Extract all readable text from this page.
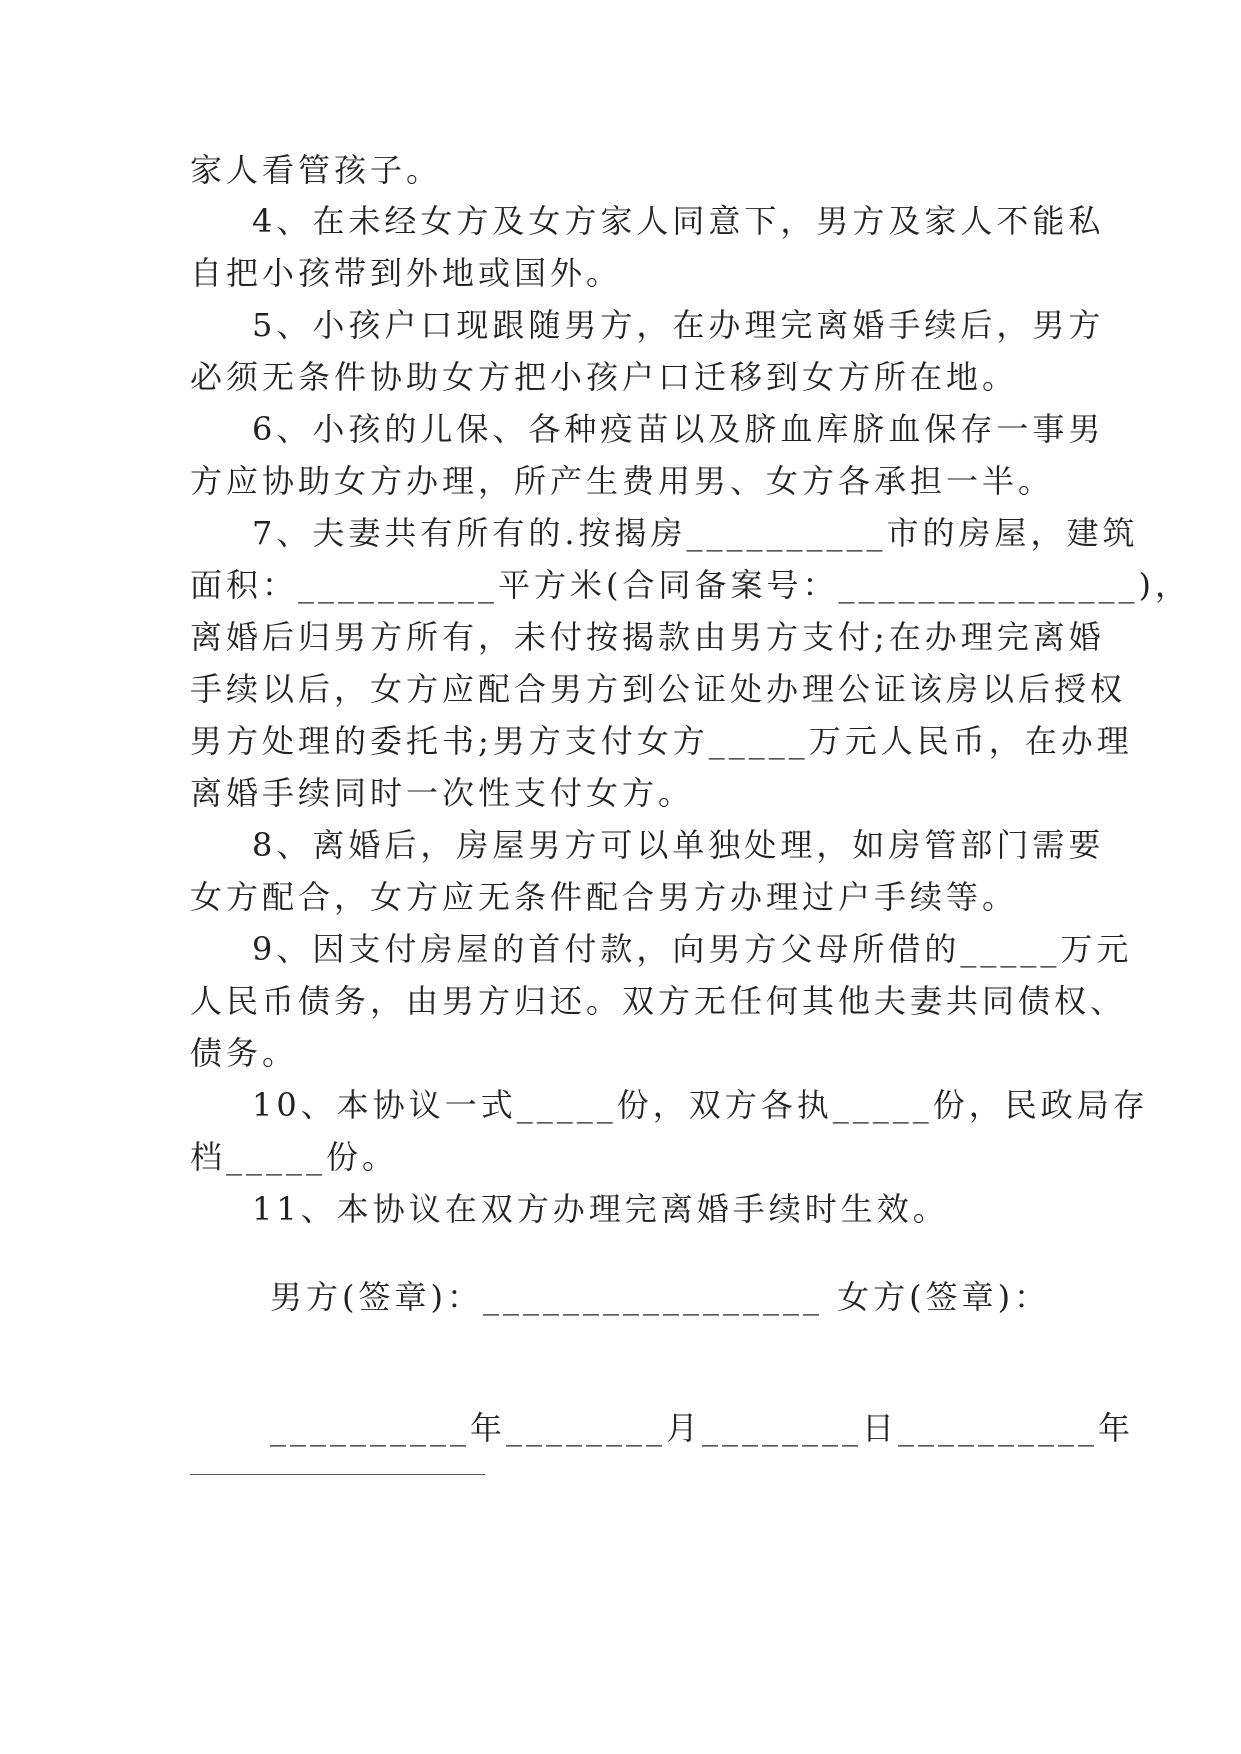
家人看管孩子。
4、在未经女方及女方家人同意下，男方及家人不能私
自把小孩带到外地或国外。
5、小孩户口现跟随男方，在办理完离婚手续后，男方
必须无条件协助女方把小孩户口迁移到女方所在地。
6、小孩的儿保、各种疫苗以及脐血库脐血保存一事男
方应协助女方办理，所产生费用男、女方各承担一半。
7、夫妻共有所有的.按揭房__________市的房屋，建筑
面积：__________平方米(合同备案号：_______________)，
离婚后归男方所有，未付按揭款由男方支付;在办理完离婚
手续以后，女方应配合男方到公证处办理公证该房以后授权
男方处理的委托书;男方支付女方_____万元人民币，在办理
离婚手续同时一次性支付女方。
8、离婚后，房屋男方可以单独处理，如房管部门需要
女方配合，女方应无条件配合男方办理过户手续等。
9、因支付房屋的首付款，向男方父母所借的_____万元
人民币债务，由男方归还。双方无任何其他夫妻共同债权、
债务。
10、本协议一式_____份，双方各执_____份，民政局存
档_____份。
11、本协议在双方办理完离婚手续时生效。
男方(签章)：_________________ 女方(签章)：
__________年________月________日__________年
